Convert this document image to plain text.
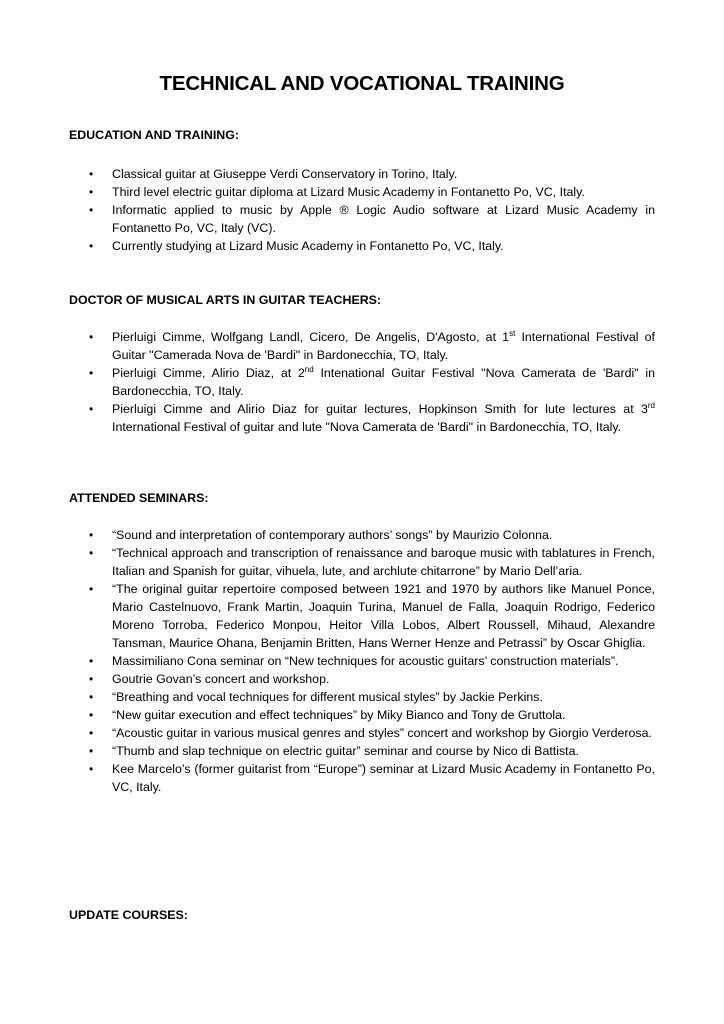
TECHNICAL AND VOCATIONAL TRAINING
EDUCATION AND TRAINING:
• Classical guitar at Giuseppe Verdi Conservatory in Torino, Italy.
• Third level electric guitar diploma at Lizard Music Academy in Fontanetto Po, VC, Italy.
• Informatic applied to music by Apple ® Logic Audio software at Lizard Music Academy in Fontanetto Po, VC, Italy (VC).
• Currently studying at Lizard Music Academy in Fontanetto Po, VC, Italy.
DOCTOR OF MUSICAL ARTS IN GUITAR TEACHERS:
• Pierluigi Cimme, Wolfgang Landl, Cicero, De Angelis, D'Agosto, at 1st International Festival of Guitar "Camerada Nova de 'Bardi" in Bardonecchia, TO, Italy.
• Pierluigi Cimme, Alirio Diaz, at 2nd Intenational Guitar Festival "Nova Camerata de 'Bardi" in Bardonecchia, TO, Italy.
• Pierluigi Cimme and Alirio Diaz for guitar lectures, Hopkinson Smith for lute lectures at 3rd International Festival of guitar and lute "Nova Camerata de 'Bardi" in Bardonecchia, TO, Italy.
ATTENDED SEMINARS:
• “Sound and interpretation of contemporary authors’ songs” by Maurizio Colonna.
• “Technical approach and transcription of renaissance and baroque music with tablatures in French, Italian and Spanish for guitar, vihuela, lute, and archlute chitarrone” by Mario Dell’aria.
• “The original guitar repertoire composed between 1921 and 1970 by authors like Manuel Ponce, Mario Castelnuovo, Frank Martin, Joaquin Turina, Manuel de Falla, Joaquin Rodrigo, Federico Moreno Torroba, Federico Monpou, Heitor Villa Lobos, Albert Roussell, Mihaud, Alexandre Tansman, Maurice Ohana, Benjamin Britten, Hans Werner Henze and Petrassi” by Oscar Ghiglia.
• Massimiliano Cona seminar on “New techniques for acoustic guitars’ construction materials”.
• Goutrie Govan’s concert and workshop.
• “Breathing and vocal techniques for different musical styles” by Jackie Perkins.
• “New guitar execution and effect techniques” by Miky Bianco and Tony de Gruttola.
• “Acoustic guitar in various musical genres and styles” concert and workshop by Giorgio Verderosa.
• “Thumb and slap technique on electric guitar” seminar and course by Nico di Battista.
• Kee Marcelo’s (former guitarist from “Europe”) seminar at Lizard Music Academy in Fontanetto Po, VC, Italy.
UPDATE COURSES:
